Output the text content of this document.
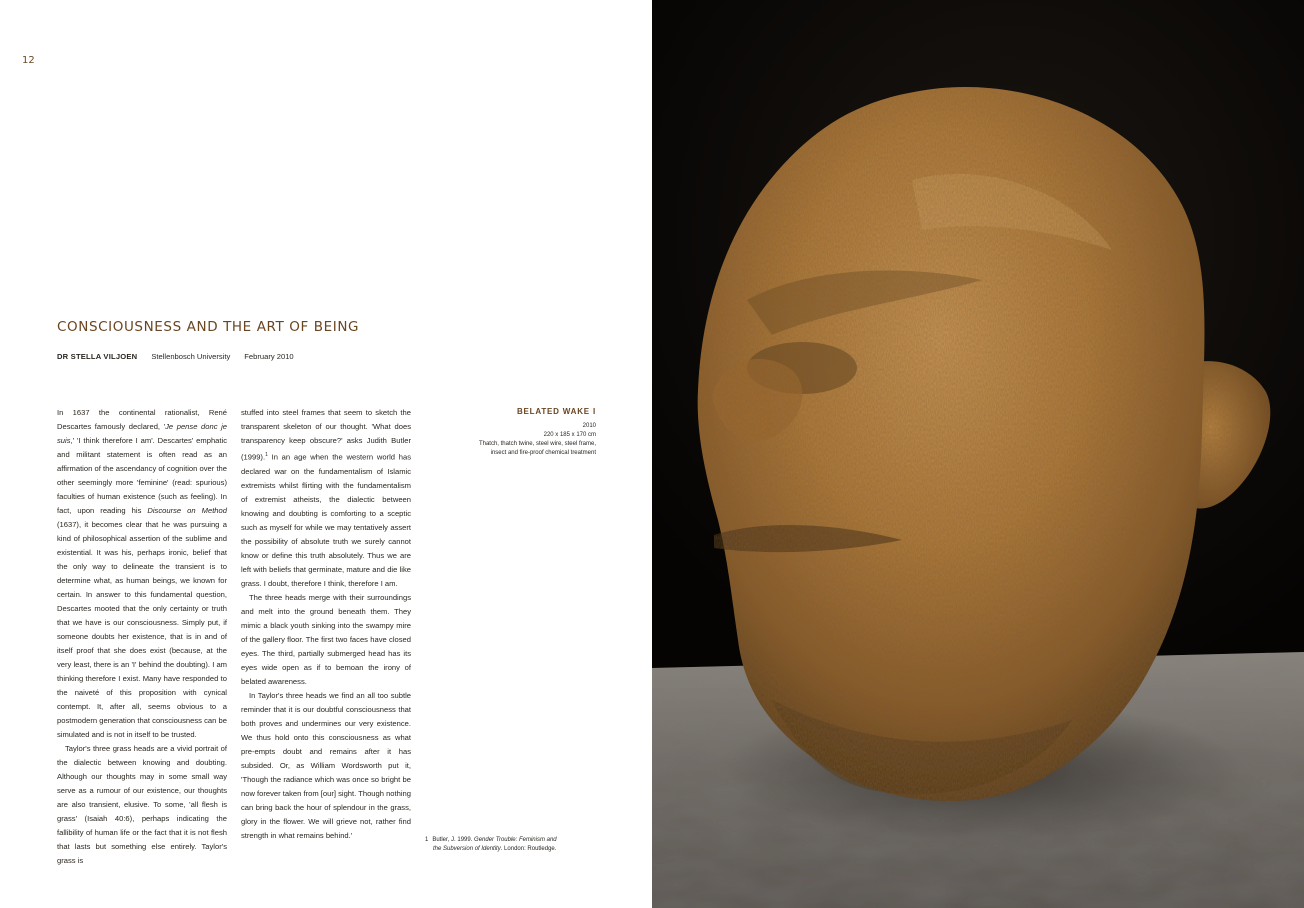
12
CONSCIOUSNESS AND THE ART OF BEING
DR STELLA VILJOEN Stellenbosch University February 2010

In 1637 the continental rationalist, René Descartes famously declared, 'Je pense donc je suis,' 'I think therefore I am'. Descartes' emphatic and militant statement is often read as an affirmation of the ascendancy of cognition over the other seemingly more 'feminine' (read: spurious) faculties of human existence (such as feeling). In fact, upon reading his Discourse on Method (1637), it becomes clear that he was pursuing a kind of philosophical assertion of the sublime and existential. It was his, perhaps ironic, belief that the only way to delineate the transient is to determine what, as human beings, we known for certain. In answer to this fundamental question, Descartes mooted that the only certainty or truth that we have is our consciousness. Simply put, if someone doubts her existence, that is in and of itself proof that she does exist (because, at the very least, there is an 'I' behind the doubting). I am thinking therefore I exist. Many have responded to the naiveté of this proposition with cynical contempt. It, after all, seems obvious to a postmodern generation that consciousness can be simulated and is not in itself to be trusted.

Taylor's three grass heads are a vivid portrait of the dialectic between knowing and doubting. Although our thoughts may in some small way serve as a rumour of our existence, our thoughts are also transient, elusive. To some, 'all flesh is grass' (Isaiah 40:6), perhaps indicating the fallibility of human life or the fact that it is not flesh that lasts but something else entirely. Taylor's grass is

stuffed into steel frames that seem to sketch the transparent skeleton of our thought. 'What does transparency keep obscure?' asks Judith Butler (1999).$^1$ In an age when the western world has declared war on the fundamentalism of Islamic extremists whilst flirting with the fundamentalism of extremist atheists, the dialectic between knowing and doubting is comforting to a sceptic such as myself for while we may tentatively assert the possibility of absolute truth we surely cannot know or define this truth absolutely. Thus we are left with beliefs that germinate, mature and die like grass. I doubt, therefore I think, therefore I am.

The three heads merge with their surroundings and melt into the ground beneath them. They mimic a black youth sinking into the swampy mire of the gallery floor. The first two faces have closed eyes. The third, partially submerged head has its eyes wide open as if to bemoan the irony of belated awareness.

In Taylor's three heads we find an all too subtle reminder that it is our doubtful consciousness that both proves and undermines our very existence. We thus hold onto this consciousness as what pre-empts doubt and remains after it has subsided. Or, as William Wordsworth put it, 'Though the radiance which was once so bright be now forever taken from [our] sight. Though nothing can bring back the hour of splendour in the grass, glory in the flower. We will grieve not, rather find strength in what remains behind.'

BELATED WAKE I
2010
220 x 185 x 170 cm
Thatch, thatch twine, steel wire, steel frame,
insect and fire-proof chemical treatment
1 Butler, J. 1999. Gender Trouble: Feminism and
the Subversion of Identity. London: Routledge.
